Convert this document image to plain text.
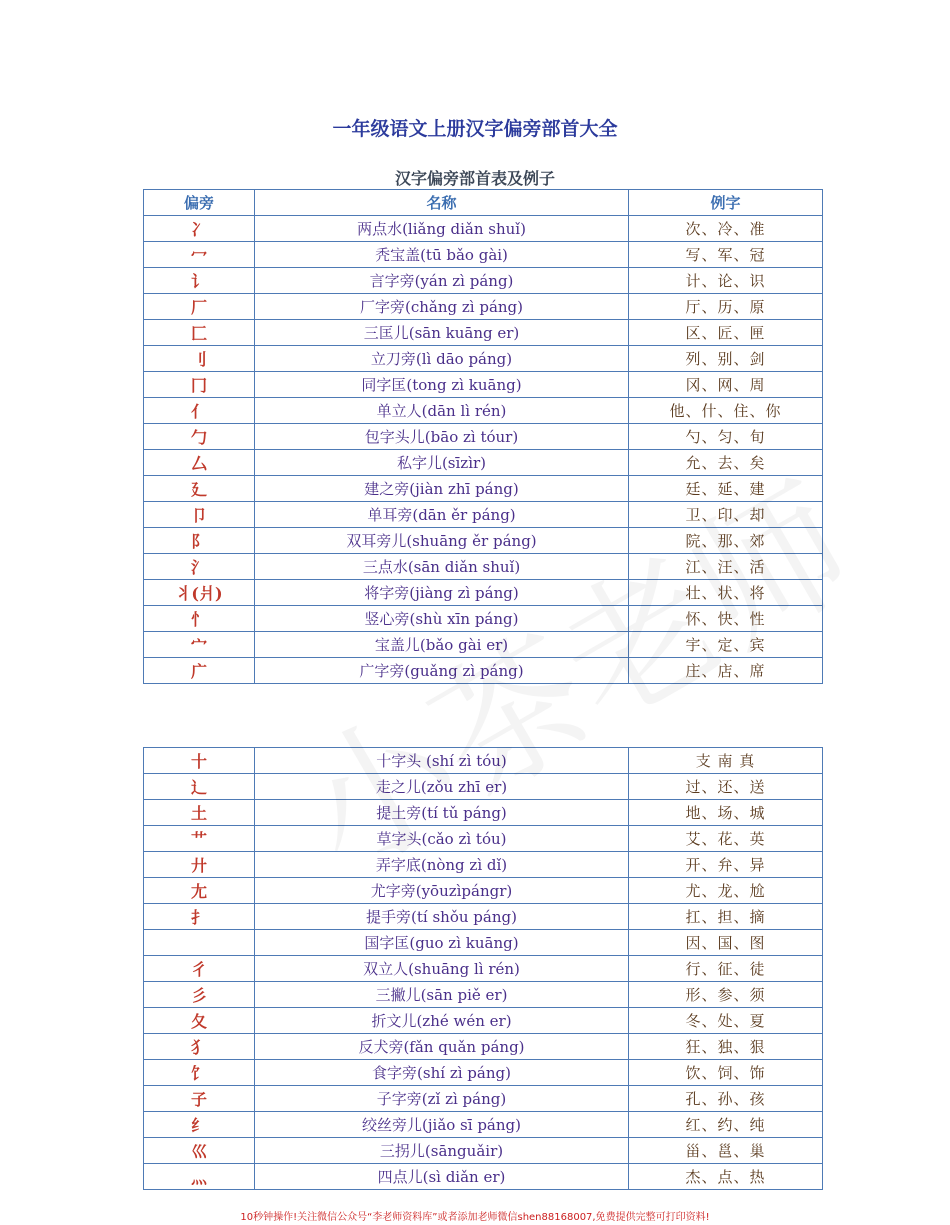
一年级语文上册汉字偏旁部首大全
汉字偏旁部首表及例子
偏旁	名称	例字
冫	两点水(liǎng diǎn shuǐ)	次、冷、准
冖	秃宝盖(tū bǎo gài)	写、军、冠
讠	言字旁(yán zì páng)	计、论、识
厂	厂字旁(chǎng zì páng)	厅、历、原
匚	三匡儿(sān kuāng er)	区、匠、匣
刂	立刀旁(lì dāo páng)	列、别、剑
冂	同字匡(tong zì kuāng)	冈、网、周
亻	单立人(dān lì rén)	他、什、住、你
勹	包字头儿(bāo zì tóur)	勺、匀、旬
厶	私字儿(sīzìr)	允、去、矣
廴	建之旁(jiàn zhī páng)	廷、延、建
卩	单耳旁(dān ěr páng)	卫、印、却
阝	双耳旁儿(shuāng ěr páng)	院、那、郊
氵	三点水(sān diǎn shuǐ)	江、汪、活
丬(爿)	将字旁(jiàng zì páng)	壮、状、将
忄	竖心旁(shù xīn páng)	怀、快、性
宀	宝盖儿(bǎo gài er)	宇、定、宾
广	广字旁(guǎng zì páng)	庄、店、席
十	十字头 (shí zì tóu)	支 南 真
辶	走之儿(zǒu zhī er)	过、还、送
土	提土旁(tí tǔ páng)	地、场、城
艹	草字头(cǎo zì tóu)	艾、花、英
廾	弄字底(nòng zì dǐ)	开、弁、异
尢	尤字旁(yōuzìpángr)	尤、龙、尬
扌	提手旁(tí shǒu páng)	扛、担、摘
	国字匡(guo zì kuāng)	因、国、图
彳	双立人(shuāng lì rén)	行、征、徒
彡	三撇儿(sān piě er)	形、参、须
夂	折文儿(zhé wén er)	冬、处、夏
犭	反犬旁(fǎn quǎn páng)	狂、独、狠
饣	食字旁(shí zì páng)	饮、饲、饰
子	子字旁(zǐ zì páng)	孔、孙、孩
纟	绞丝旁儿(jiǎo sī páng)	红、约、纯
巛	三拐儿(sānguǎir)	甾、邕、巢
灬	四点儿(sì diǎn er)	杰、点、热
10秒钟操作!关注微信公众号“李老师资料库”或者添加老师微信shen88168007,免费提供完整可打印资料!
